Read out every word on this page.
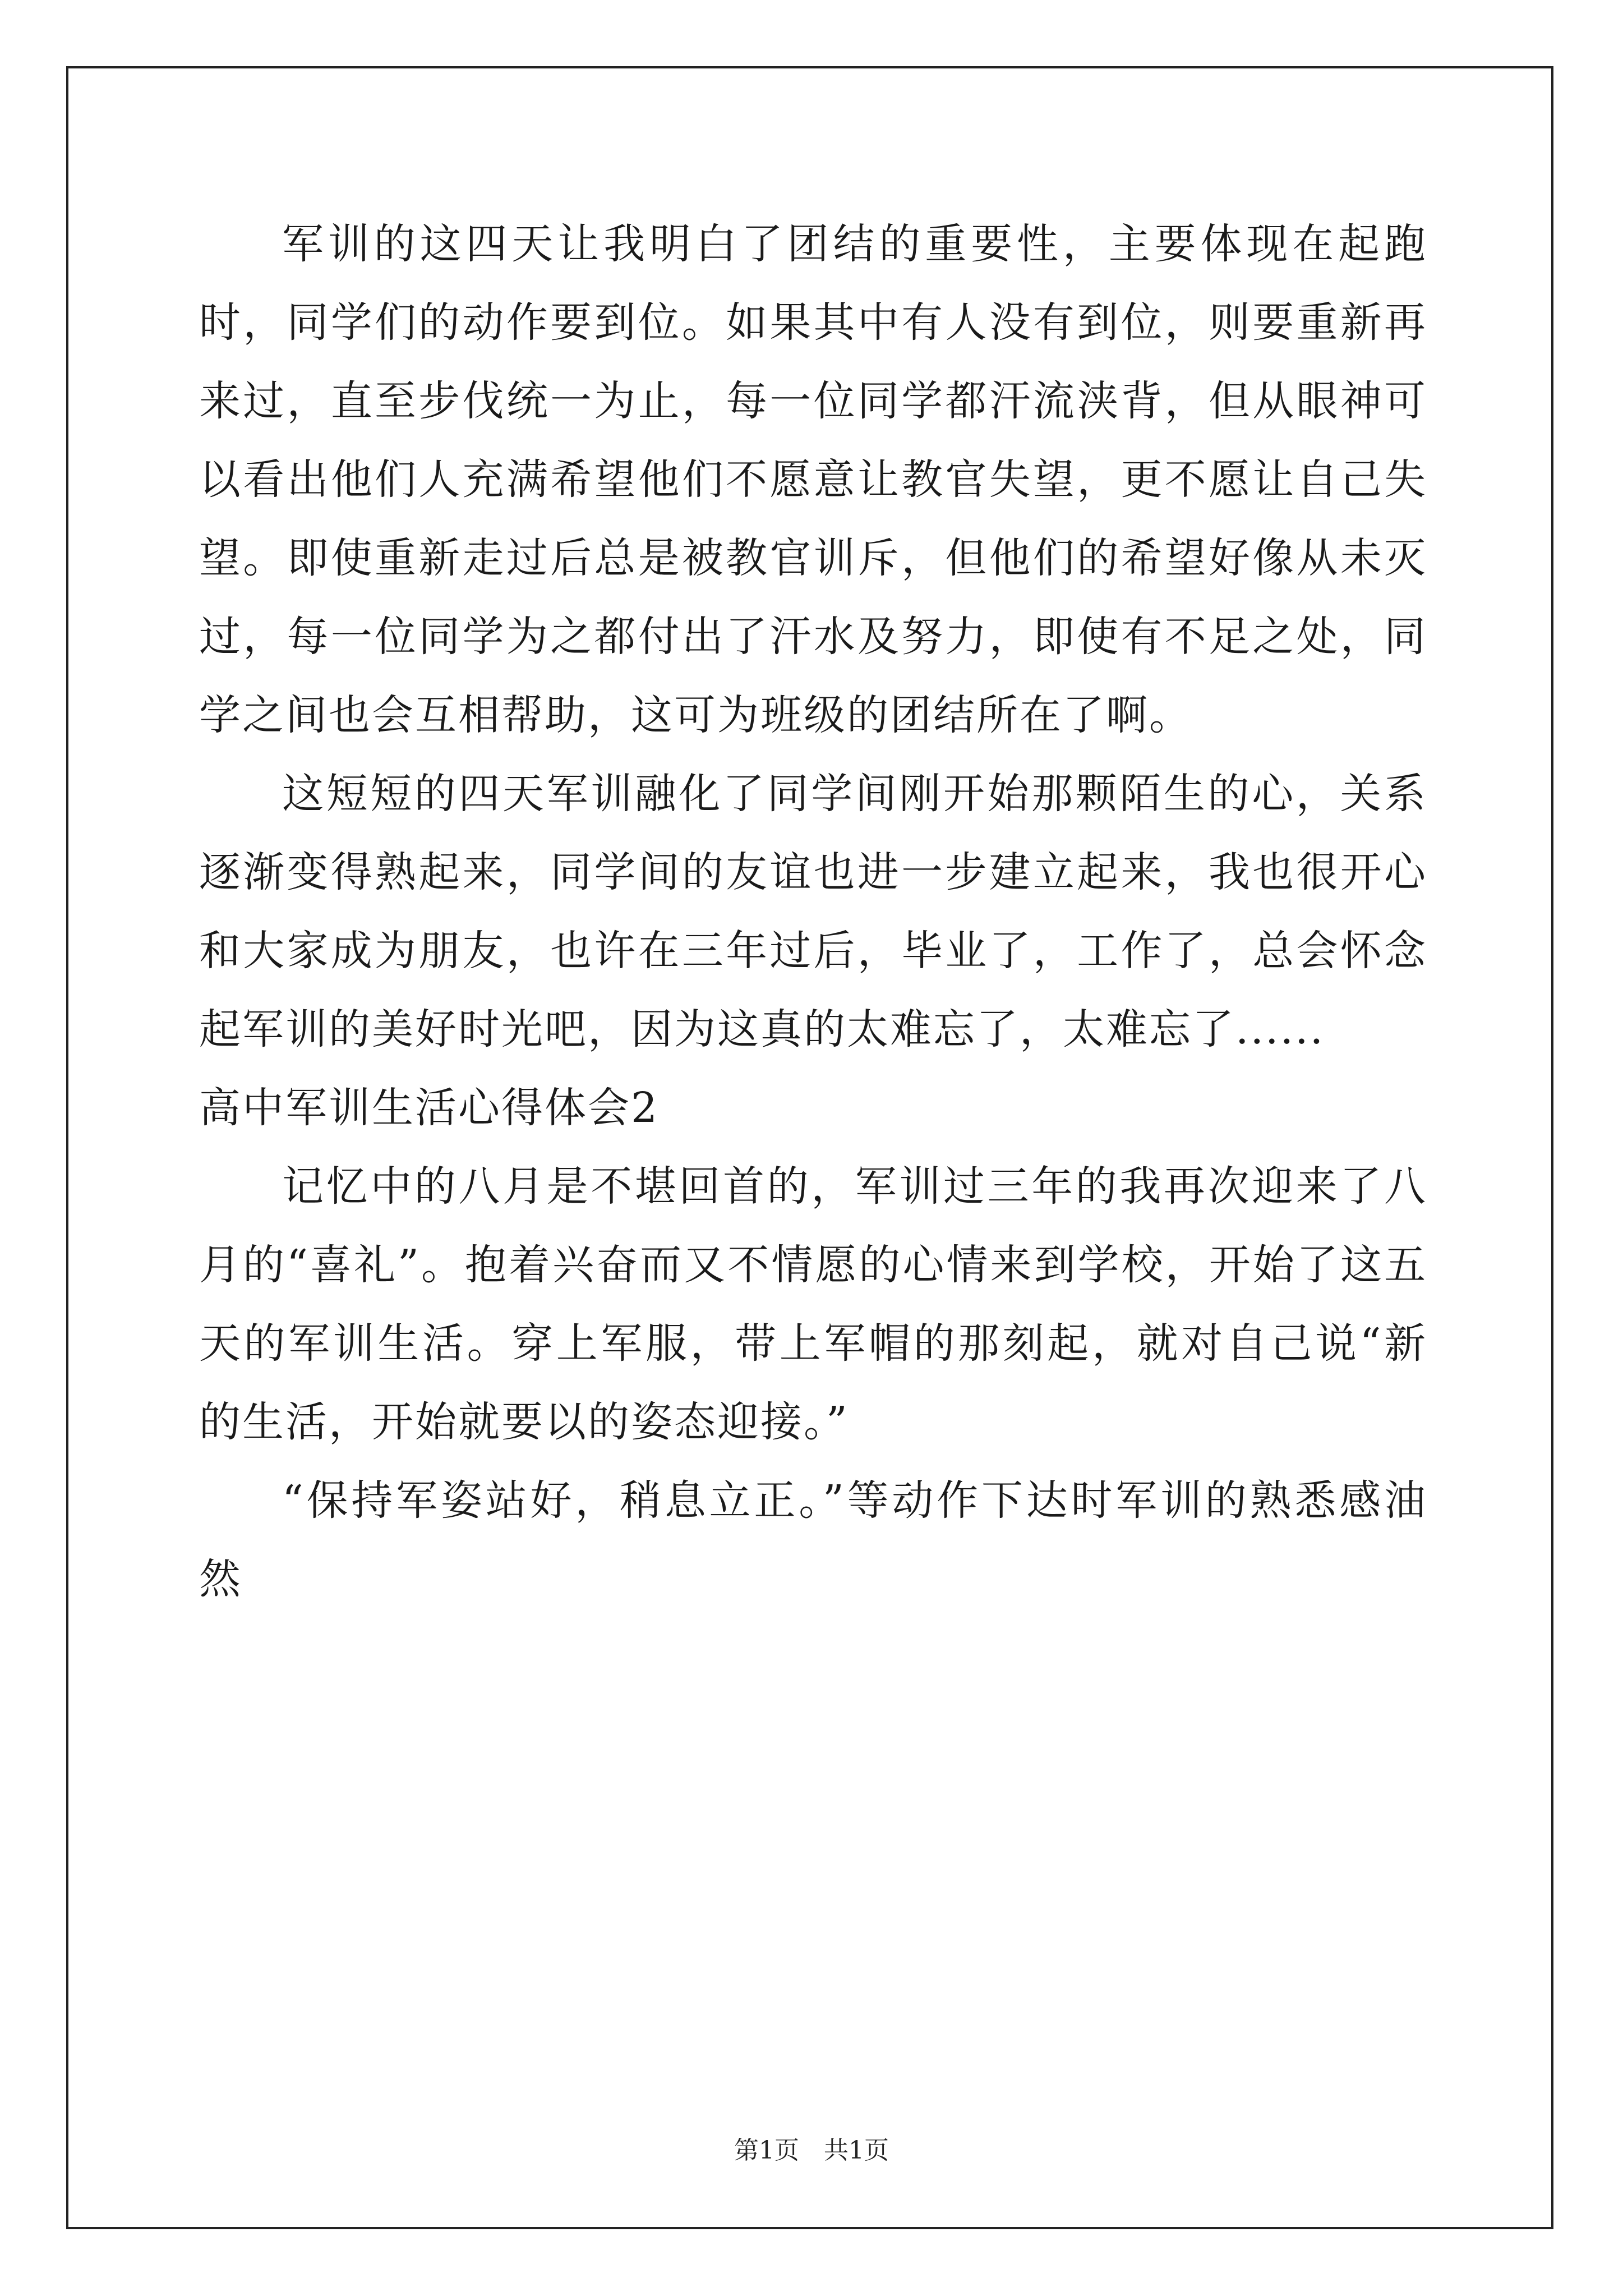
军训的这四天让我明白了团结的重要性，主要体现在起跑时，同学们的动作要到位。如果其中有人没有到位，则要重新再来过，直至步伐统一为止，每一位同学都汗流浃背，但从眼神可以看出他们人充满希望他们不愿意让教官失望，更不愿让自己失望。即使重新走过后总是被教官训斥，但他们的希望好像从未灭过，每一位同学为之都付出了汗水及努力，即使有不足之处，同学之间也会互相帮助，这可为班级的团结所在了啊。

这短短的四天军训融化了同学间刚开始那颗陌生的心，关系逐渐变得熟起来，同学间的友谊也进一步建立起来，我也很开心和大家成为朋友，也许在三年过后，毕业了，工作了，总会怀念起军训的美好时光吧，因为这真的太难忘了，太难忘了......

高中军训生活心得体会2

记忆中的八月是不堪回首的，军训过三年的我再次迎来了八月的“喜礼”。抱着兴奋而又不情愿的心情来到学校，开始了这五天的军训生活。穿上军服，带上军帽的那刻起，就对自己说“新的生活，开始就要以的姿态迎接。”

“保持军姿站好，稍息立正。”等动作下达时军训的熟悉感油然

第1页　共1页
